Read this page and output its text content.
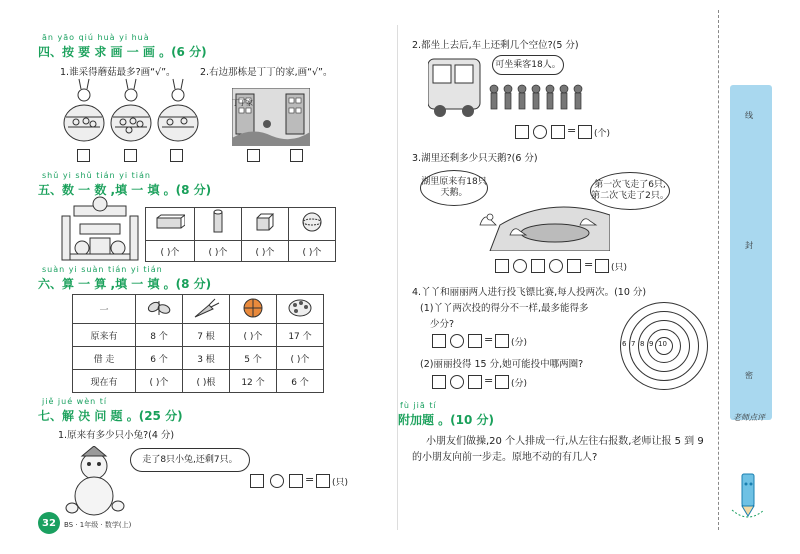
ān yāo qiú huà yi huà
四、按 要 求 画 一 画 。(6 分)
1.谁采得蘑菇最多?画“√”。	2.右边那栋是丁丁的家,画“√”。
丁丁家
shǔ yi shǔ tián yi tián
五、数 一 数 ,填 一 填 。(8 分)

( )个	( )个	( )个	( )个
suàn yi suàn tián yi tián
六、算 一 算 ,填 一 填 。(8 分)
一				
原来有	8 个	7 根	( )个	17 个
借 走	6 个	3 根	5 个	( )个
现在有	( )个	( )根	12 个	6 个
jiě jué wèn tí
七、解 决 问 题 。(25 分)
1.原来有多少只小兔?(4 分)
走了8只小兔,还剩7只。
= (只)
32	BS · 1年级 · 数学(上)
2.都坐上去后,车上还剩几个空位?(5 分)
可坐乘客18人。
= (个)
3.湖里还剩多少只天鹅?(6 分)
湖里原来有18只天鹅。
第一次飞走了6只,第二次飞走了2只。
= (只)
4.丫丫和丽丽两人进行投飞镖比赛,每人投两次。(10 分)
(1)丫丫两次投的得分不一样,最多能得多
少分?
= (分)
(2)丽丽投得 15 分,她可能投中哪两圈?
= (分)
6 7 8 9 10
fù jiā tí
附加题 。(10 分)
小朋友们做操,20 个人排成一行,从左往右报数,老师让报 5 到 9
的小朋友向前一步走。原地不动的有几人?
线
封
密
老师点评
